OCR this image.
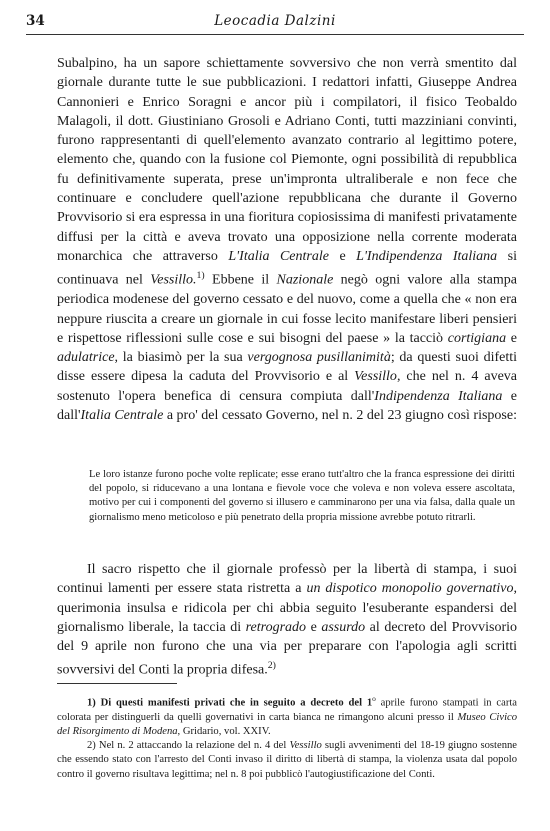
34	Leocadia Dalzini

Subalpino, ha un sapore schiettamente sovversivo che non verrà smentito dal giornale durante tutte le sue pubblicazioni. I redattori infatti, Giuseppe Andrea Cannonieri e Enrico Soragni e ancor più i compilatori, il fisico Teobaldo Malagoli, il dott. Giustiniano Grosoli e Adriano Conti, tutti mazziniani convinti, furono rappresentanti di quell'elemento avanzato contrario al legittimo potere, elemento che, quando con la fusione col Piemonte, ogni possibilità di repubblica fu definitivamente superata, prese un'impronta ultraliberale e non fece che continuare e concludere quell'azione repubblicana che durante il Governo Provvisorio si era espressa in una fioritura copiosissima di manifesti privatamente diffusi per la città e aveva trovato una opposizione nella corrente moderata monarchica che attraverso L'Italia Centrale e L'Indipendenza Italiana si continuava nel Vessillo.$^{1)}$ Ebbene il Nazionale negò ogni valore alla stampa periodica modenese del governo cessato e del nuovo, come a quella che « non era neppure riuscita a creare un giornale in cui fosse lecito manifestare liberi pensieri e rispettose riflessioni sulle cose e sui bisogni del paese » la tacciò cortigiana e adulatrice, la biasimò per la sua vergognosa pusillanimità; da questi suoi difetti disse essere dipesa la caduta del Provvisorio e al Vessillo, che nel n. 4 aveva sostenuto l'opera benefica di censura compiuta dall'Indipendenza Italiana e dall'Italia Centrale a pro' del cessato Governo, nel n. 2 del 23 giugno così rispose:

Le loro istanze furono poche volte replicate; esse erano tutt'altro che la franca espressione dei diritti del popolo, si riducevano a una lontana e fievole voce che voleva e non voleva essere ascoltata, motivo per cui i componenti del governo si illusero e camminarono per una via falsa, dalla quale un giornalismo meno meticoloso e più penetrato della propria missione avrebbe potuto ritrarli.

Il sacro rispetto che il giornale professò per la libertà di stampa, i suoi continui lamenti per essere stata ristretta a un dispotico monopolio governativo, querimonia insulsa e ridicola per chi abbia seguito l'esuberante espandersi del giornalismo liberale, la taccia di retrogrado e assurdo al decreto del Provvisorio del 9 aprile non furono che una via per preparare con l'apologia agli scritti sovversivi del Conti la propria difesa.$^{2)}$

1) Di questi manifesti privati che in seguito a decreto del 1$^o$ aprile furono stampati in carta colorata per distinguerli da quelli governativi in carta bianca ne rimangono alcuni presso il Museo Civico del Risorgimento di Modena, Gridario, vol. XXIV.

2) Nel n. 2 attaccando la relazione del n. 4 del Vessillo sugli avvenimenti del 18-19 giugno sostenne che essendo stato con l'arresto del Conti invaso il diritto di libertà di stampa, la violenza usata dal popolo contro il governo risultava legittima; nel n. 8 poi pubblicò l'autogiustificazione del Conti.
